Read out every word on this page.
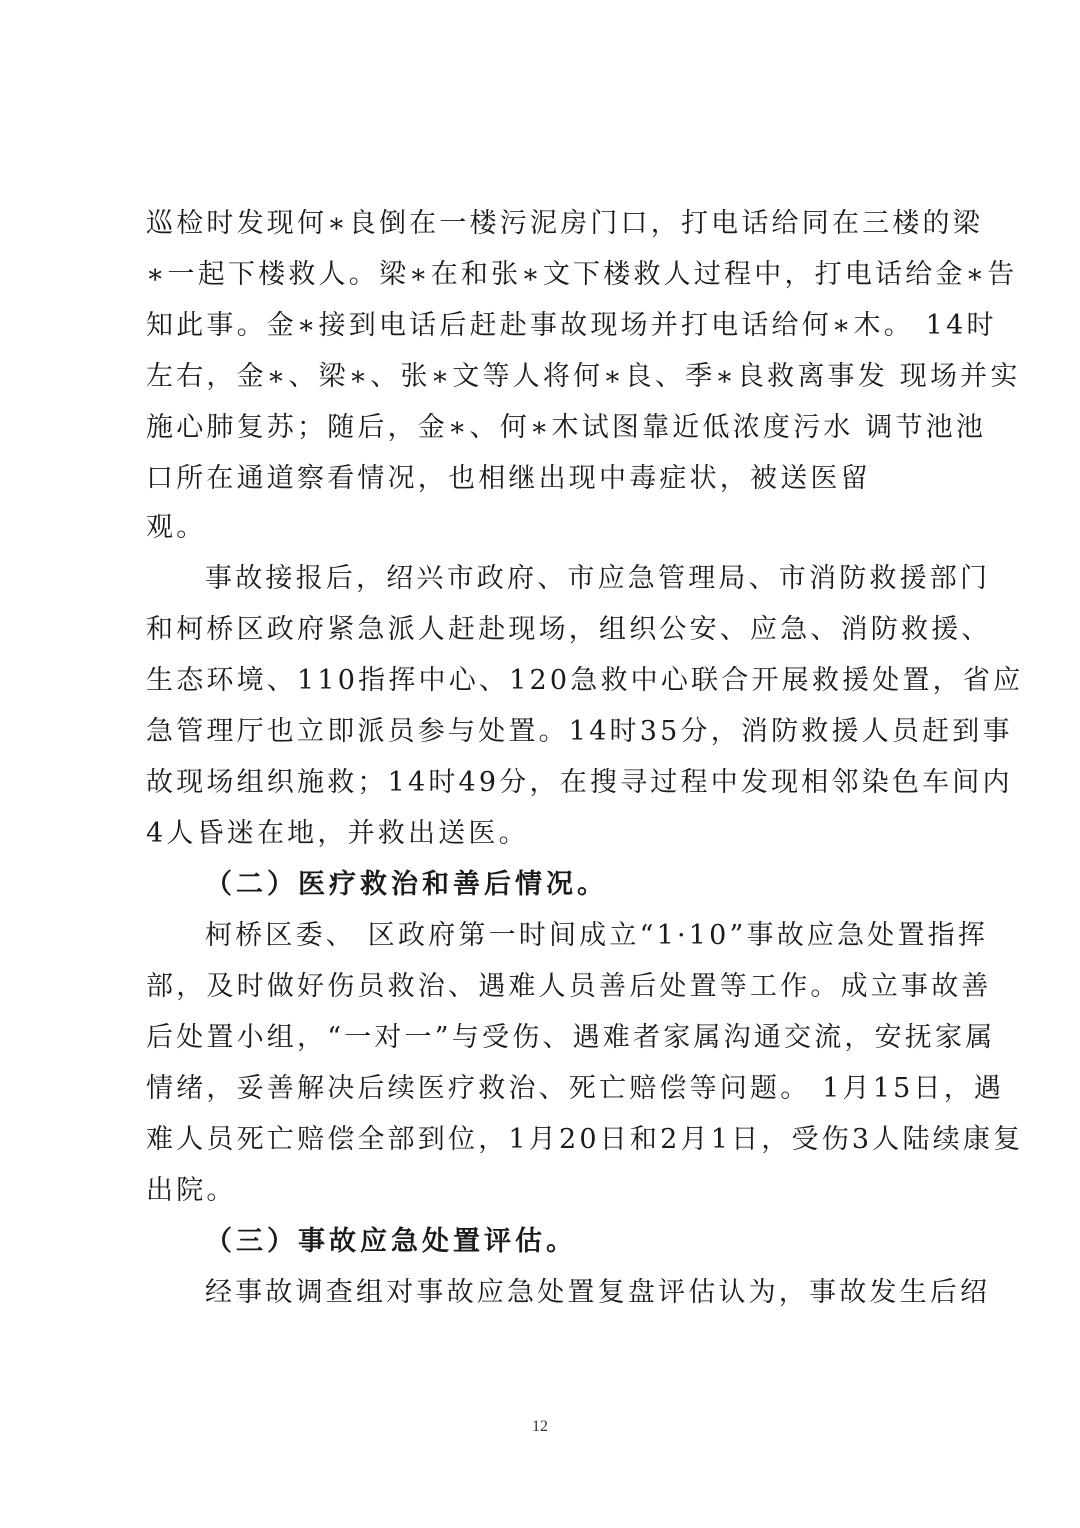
巡检时发现何∗良倒在一楼污泥房门口，打电话给同在三楼的梁
∗一起下楼救人。梁∗在和张∗文下楼救人过程中，打电话给金∗告
知此事。金∗接到电话后赶赴事故现场并打电话给何∗木。 14时
左右，金∗、梁∗、张∗文等人将何∗良、季∗良救离事发 现场并实
施心肺复苏；随后，金∗、何∗木试图靠近低浓度污水 调节池池
口所在通道察看情况，也相继出现中毒症状，被送医留
观。
事故接报后，绍兴市政府、市应急管理局、市消防救援部门
和柯桥区政府紧急派人赶赴现场，组织公安、应急、消防救援、
生态环境、110指挥中心、120急救中心联合开展救援处置，省应
急管理厅也立即派员参与处置。14时35分，消防救援人员赶到事
故现场组织施救；14时49分，在搜寻过程中发现相邻染色车间内
4人昏迷在地，并救出送医。
（二）医疗救治和善后情况。
柯桥区委、 区政府第一时间成立“1·10”事故应急处置指挥
部，及时做好伤员救治、遇难人员善后处置等工作。成立事故善
后处置小组，“一对一”与受伤、遇难者家属沟通交流，安抚家属
情绪，妥善解决后续医疗救治、死亡赔偿等问题。 1月15日，遇
难人员死亡赔偿全部到位，1月20日和2月1日，受伤3人陆续康复
出院。
（三）事故应急处置评估。
经事故调查组对事故应急处置复盘评估认为，事故发生后绍
12
